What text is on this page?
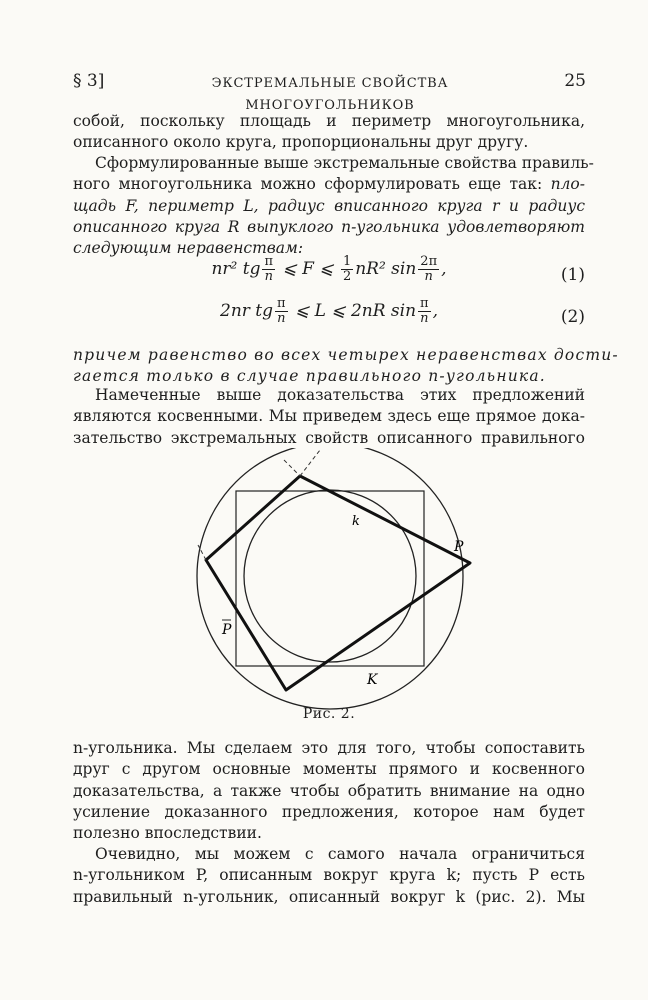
§ 3]	ЭКСТРЕМАЛЬНЫЕ СВОЙСТВА МНОГОУГОЛЬНИКОВ
25
собой, поскольку площадь и периметр многоугольника,
описанного около круга, пропорциональны друг другу.
Сформулированные выше экстремальные свойства правиль-
ного многоугольника можно сформулировать еще так: пло-
щадь F, периметр L, радиус вписанного круга r и радиус
описанного круга R выпуклого n-угольника удовлетворяют
следующим неравенствам:
nr² tg $\frac{\pi}{n}$ ⩽ F ⩽ $\frac{1}{2} nR^2$ $\sin \frac{2\pi}{n}$ ,	(1)
2nr tg $\frac{\pi}{n}$ ⩽ L ⩽ 2nR $\sin \frac{\pi}{n}$ ,	(2)
причем равенство во всех четырех неравенствах дости-
гается только в случае правильного n-угольника.
Намеченные выше доказательства этих предложений
являются косвенными. Мы приведем здесь еще прямое дока-
зательство экстремальных свойств описанного правильного
k
P
P
K
Рис. 2.
n-угольника. Мы сделаем это для того, чтобы сопоставить
друг с другом основные моменты прямого и косвенного
доказательства, а также чтобы обратить внимание на одно
усиление доказанного предложения, которое нам будет
полезно впоследствии.
Очевидно, мы можем с самого начала ограничиться
n-угольником P, описанным вокруг круга k; пусть P есть
правильный n-угольник, описанный вокруг k (рис. 2). Мы
